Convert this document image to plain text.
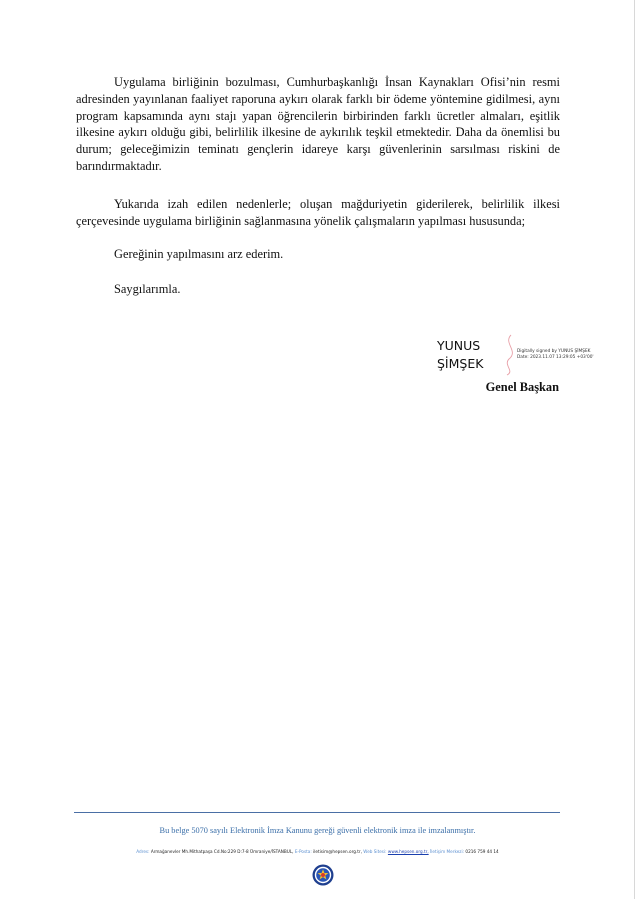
Uygulama birliğinin bozulması, Cumhurbaşkanlığı İnsan Kaynakları Ofisi’nin resmi adresinden yayınlanan faaliyet raporuna aykırı olarak farklı bir ödeme yöntemine gidilmesi, aynı program kapsamında aynı stajı yapan öğrencilerin birbirinden farklı ücretler almaları, eşitlik ilkesine aykırı olduğu gibi, belirlilik ilkesine de aykırılık teşkil etmektedir. Daha da önemlisi bu durum; geleceğimizin teminatı gençlerin idareye karşı güvenlerinin sarsılması riskini de barındırmaktadır.

Yukarıda izah edilen nedenlerle; oluşan mağduriyetin giderilerek, belirlilik ilkesi çerçevesinde uygulama birliğinin sağlanmasına yönelik çalışmaların yapılması hususunda;

Gereğinin yapılmasını arz ederim.

Saygılarımla.

YUNUS
ŞİMŞEK
Digitally signed by YUNUS ŞİMŞEK
Date: 2023.11.07 13:29:05 +03'00'
Genel Başkan
Bu belge 5070 sayılı Elektronik İmza Kanunu gereği güvenli elektronik imza ile imzalanmıştır.
Adres: Armağanevler Mh.Mithatpaşa Cd.No:229 D:7-8 Ümraniye/İSTANBUL, E-Posta: iletisim@hepsen.org.tr, Web Sitesi: www.hepsen.org.tr, İletişim Merkezi: 0216 759 44 14
